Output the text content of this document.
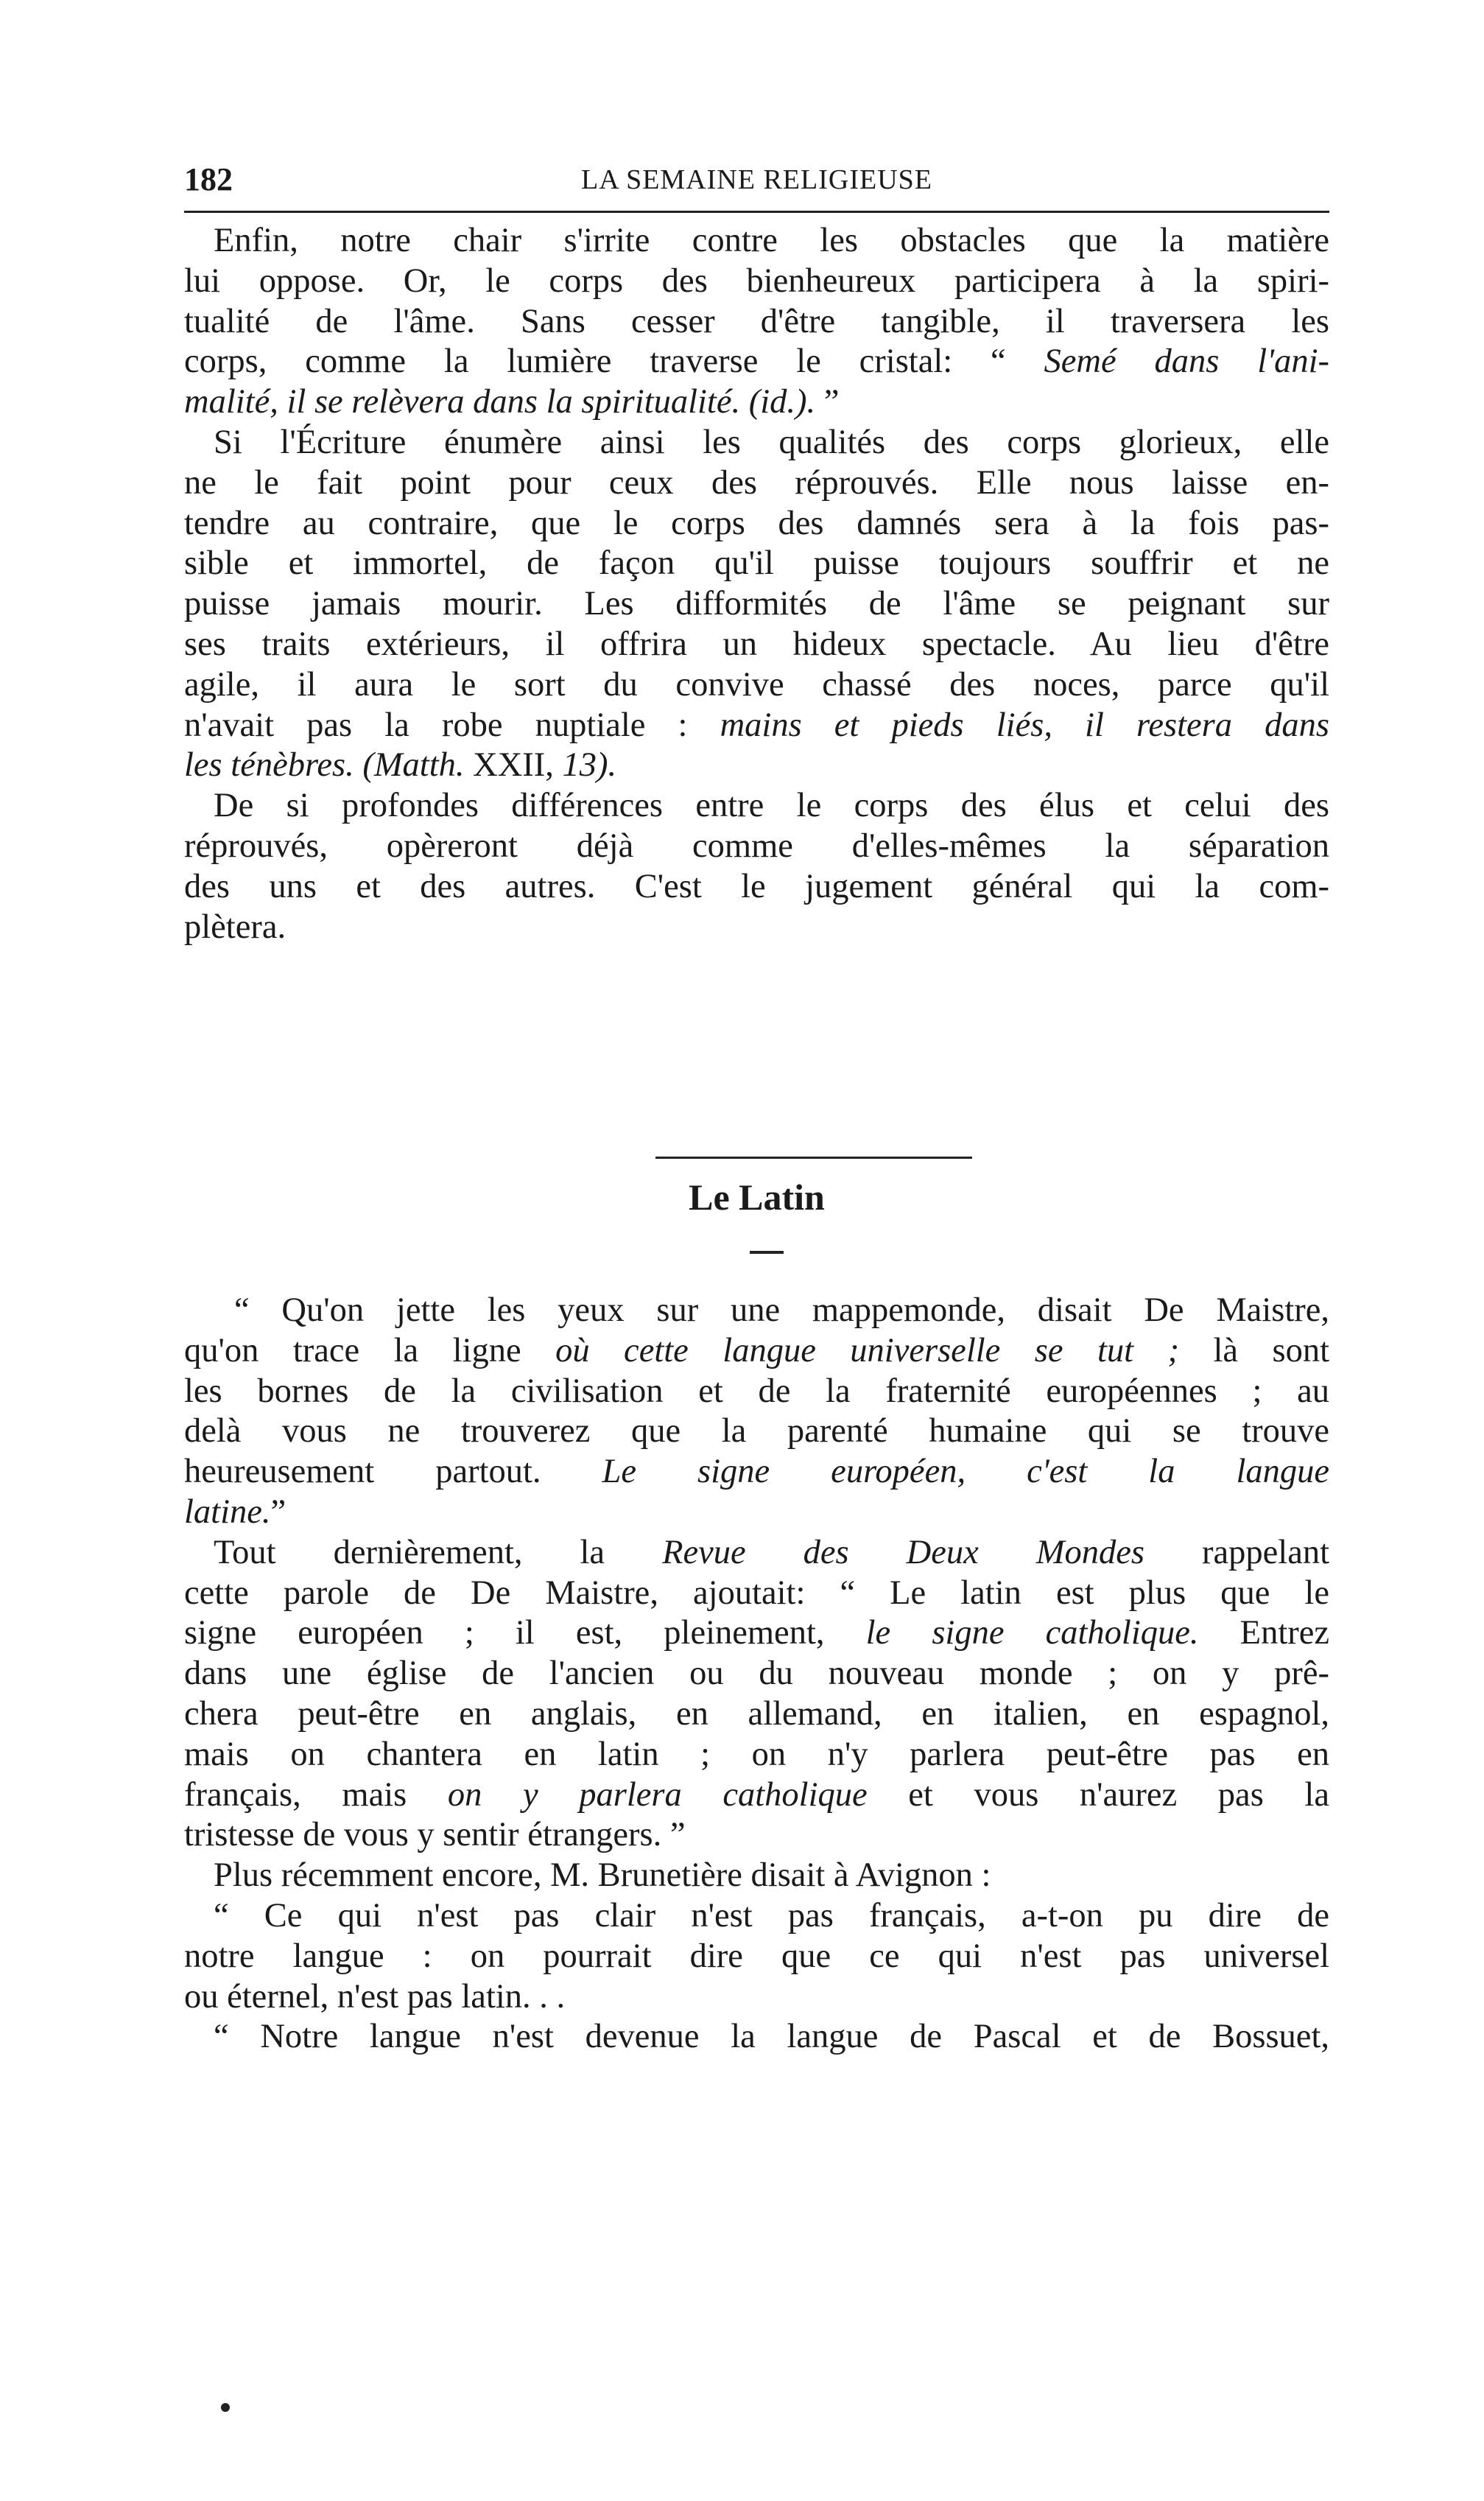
182	LA SEMAINE RELIGIEUSE
Enfin, notre chair s'irrite contre les obstacles que la matière
lui oppose. Or, le corps des bienheureux participera à la spiri-
tualité de l'âme. Sans cesser d'être tangible, il traversera les
corps, comme la lumière traverse le cristal: “ Semé dans l'ani-
malité, il se relèvera dans la spiritualité. (id.). ”
Si l'Écriture énumère ainsi les qualités des corps glorieux, elle
ne le fait point pour ceux des réprouvés. Elle nous laisse en-
tendre au contraire, que le corps des damnés sera à la fois pas-
sible et immortel, de façon qu'il puisse toujours souffrir et ne
puisse jamais mourir. Les difformités de l'âme se peignant sur
ses traits extérieurs, il offrira un hideux spectacle. Au lieu d'être
agile, il aura le sort du convive chassé des noces, parce qu'il
n'avait pas la robe nuptiale : mains et pieds liés, il restera dans
les ténèbres. (Matth. XXII, 13).
De si profondes différences entre le corps des élus et celui des
réprouvés, opèreront déjà comme d'elles-mêmes la séparation
des uns et des autres. C'est le jugement général qui la com-
plètera.
Le Latin
“ Qu'on jette les yeux sur une mappemonde, disait De Maistre,
qu'on trace la ligne où cette langue universelle se tut ; là sont
les bornes de la civilisation et de la fraternité européennes ; au
delà vous ne trouverez que la parenté humaine qui se trouve
heureusement partout. Le signe européen, c'est la langue
latine.”
Tout dernièrement, la Revue des Deux Mondes rappelant
cette parole de De Maistre, ajoutait: “ Le latin est plus que le
signe européen ; il est, pleinement, le signe catholique. Entrez
dans une église de l'ancien ou du nouveau monde ; on y prê-
chera peut-être en anglais, en allemand, en italien, en espagnol,
mais on chantera en latin ; on n'y parlera peut-être pas en
français, mais on y parlera catholique et vous n'aurez pas la
tristesse de vous y sentir étrangers. ”
Plus récemment encore, M. Brunetière disait à Avignon :
“ Ce qui n'est pas clair n'est pas français, a-t-on pu dire de
notre langue : on pourrait dire que ce qui n'est pas universel
ou éternel, n'est pas latin. . .
“ Notre langue n'est devenue la langue de Pascal et de Bossuet,
